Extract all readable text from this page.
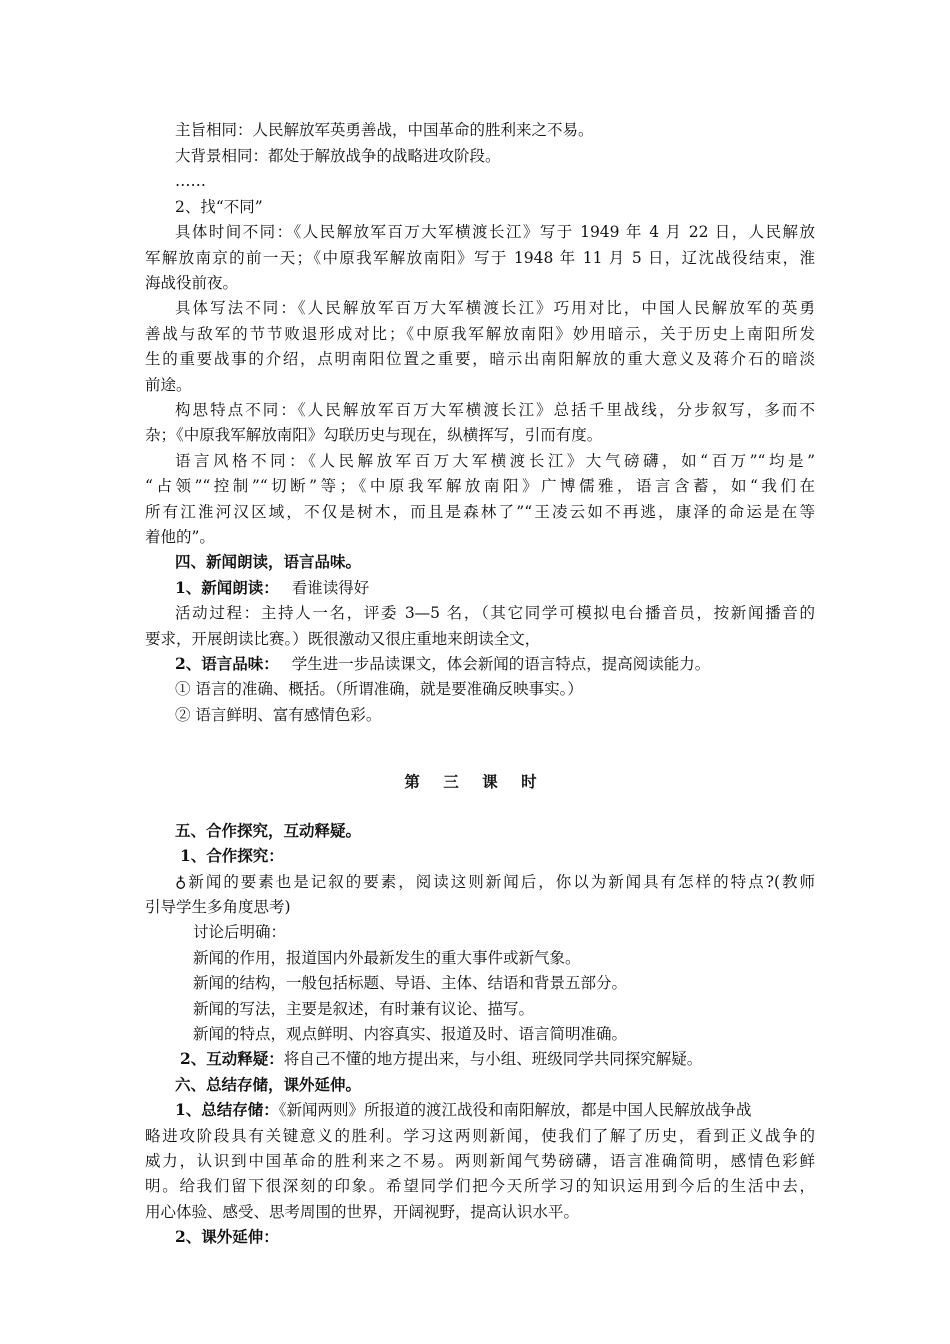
主旨相同：人民解放军英勇善战，中国革命的胜利来之不易。
大背景相同：都处于解放战争的战略进攻阶段。
……
2、找“不同”
具体时间不同：《人民解放军百万大军横渡长江》写于 1949 年 4 月 22 日，人民解放
军解放南京的前一天；《中原我军解放南阳》写于 1948 年 11 月 5 日，辽沈战役结束，淮
海战役前夜。
具体写法不同：《人民解放军百万大军横渡长江》巧用对比，中国人民解放军的英勇
善战与敌军的节节败退形成对比；《中原我军解放南阳》妙用暗示，关于历史上南阳所发
生的重要战事的介绍，点明南阳位置之重要，暗示出南阳解放的重大意义及蒋介石的暗淡
前途。
构思特点不同：《人民解放军百万大军横渡长江》总括千里战线，分步叙写，多而不
杂；《中原我军解放南阳》勾联历史与现在，纵横挥写，引而有度。
语言风格不同：《人民解放军百万大军横渡长江》大气磅礴，如“百万”“均是”
“占领”“控制”“切断”等；《中原我军解放南阳》广博儒雅，语言含蓄，如“我们在
所有江淮河汉区域，不仅是树木，而且是森林了”“王凌云如不再逃，康泽的命运是在等
着他的”。
四、新闻朗读，语言品味。
1、新闻朗读： 看谁读得好
活动过程：主持人一名，评委 3—5 名，（其它同学可模拟电台播音员，按新闻播音的
要求，开展朗读比赛。）既很激动又很庄重地来朗读全文，
2、语言品味： 学生进一步品读课文，体会新闻的语言特点，提高阅读能力。
① 语言的准确、概括。（所谓准确，就是要准确反映事实。）
② 语言鲜明、富有感情色彩。
第 三 课 时
五、合作探究，互动释疑。
1、合作探究：
♁新闻的要素也是记叙的要素，阅读这则新闻后，你以为新闻具有怎样的特点?(教师
引导学生多角度思考)
讨论后明确：
新闻的作用，报道国内外最新发生的重大事件或新气象。
新闻的结构，一般包括标题、导语、主体、结语和背景五部分。
新闻的写法，主要是叙述，有时兼有议论、描写。
新闻的特点，观点鲜明、内容真实、报道及时、语言简明准确。
2、互动释疑：将自己不懂的地方提出来，与小组、班级同学共同探究解疑。
六、总结存储，课外延伸。
1、总结存储：《新闻两则》所报道的渡江战役和南阳解放，都是中国人民解放战争战
略进攻阶段具有关键意义的胜利。学习这两则新闻，使我们了解了历史，看到正义战争的
威力，认识到中国革命的胜利来之不易。两则新闻气势磅礴，语言准确简明，感情色彩鲜
明。给我们留下很深刻的印象。希望同学们把今天所学习的知识运用到今后的生活中去，
用心体验、感受、思考周围的世界，开阔视野，提高认识水平。
2、课外延伸：
